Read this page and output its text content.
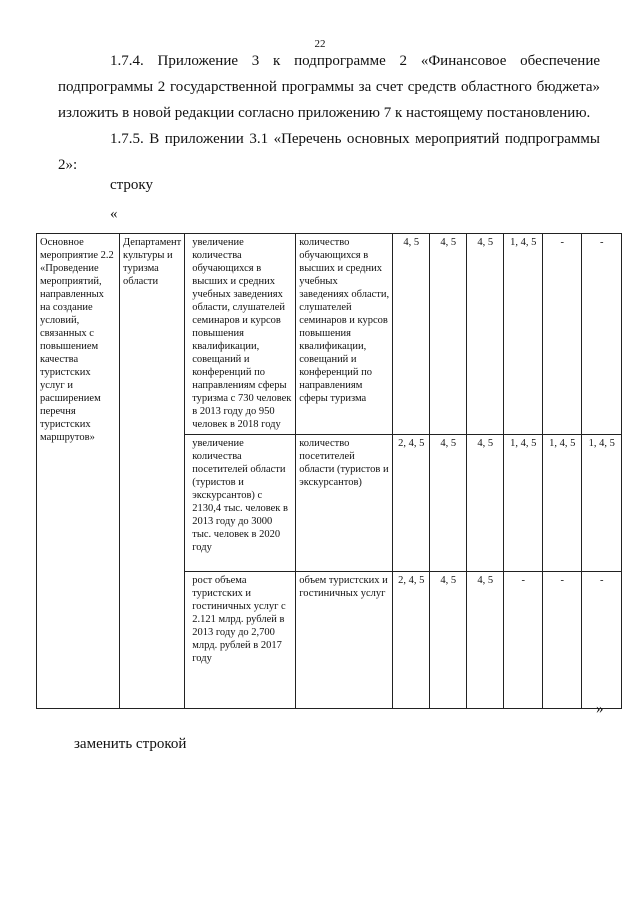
22
1.7.4. Приложение 3 к подпрограмме 2 «Финансовое обеспечение подпрограммы 2 государственной программы за счет средств областного бюджета» изложить в новой редакции согласно приложению 7 к настоящему постановлению.
1.7.5. В приложении 3.1 «Перечень основных мероприятий подпрограммы 2»:
строку
«
Основное мероприятие 2.2 «Проведение мероприятий, направленных на создание условий, связанных с повышением качества туристских услуг и расширением перечня туристских маршрутов»	Департамент культуры и туризма области	увеличение количества обучающихся в высших и средних учебных заведениях области, слушателей семинаров и курсов повышения квалификации, совещаний и конференций по направлениям сферы туризма с 730 человек в 2013 году до 950 человек в 2018 году	количество обучающихся в высших и средних учебных заведениях области, слушателей семинаров и курсов повышения квалификации, совещаний и конференций по направлениям сферы туризма	4, 5	4, 5	4, 5	1, 4, 5	-	-
		увеличение количества посетителей области (туристов и экскурсантов) с 2130,4 тыс. человек в 2013 году до 3000 тыс. человек в 2020 году	количество посетителей области (туристов и экскурсантов)	2, 4, 5	4, 5	4, 5	1, 4, 5	1, 4, 5	1, 4, 5
		рост объема туристских и гостиничных услуг с 2.121 млрд. рублей в 2013 году до 2,700 млрд. рублей в 2017 году	объем туристских и гостиничных услуг	2, 4, 5	4, 5	4, 5	-	-	-
»
заменить строкой
